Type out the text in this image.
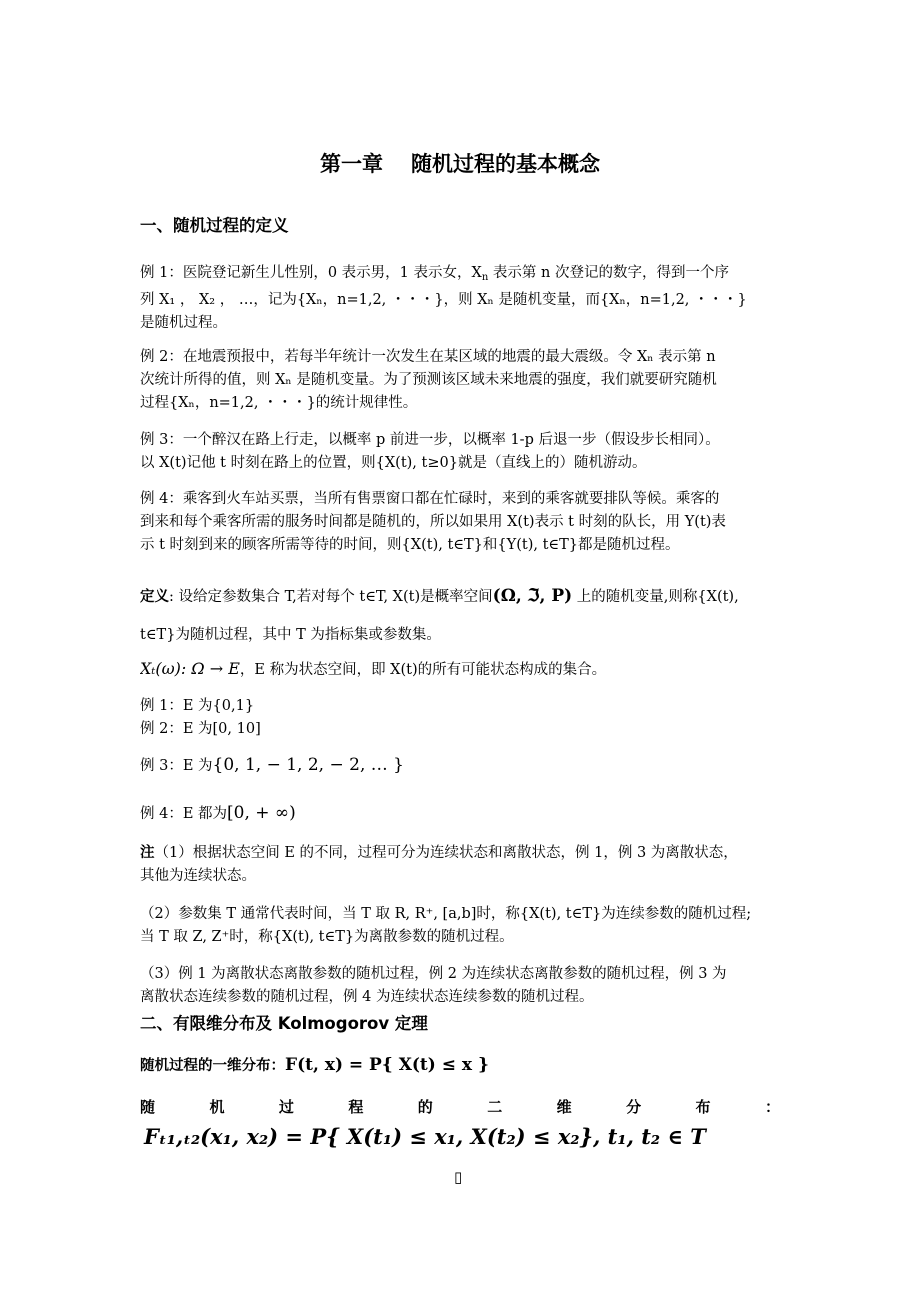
第一章 随机过程的基本概念
一、随机过程的定义
例 1：医院登记新生儿性别，0 表示男，1 表示女，$X_n$ 表示第 n 次登记的数字，得到一个序
列 X₁ ， X₂ ， …，记为{Xₙ，n=1,2, ・・・}，则 Xₙ 是随机变量，而{Xₙ，n=1,2, ・・・}
是随机过程。
例 2：在地震预报中，若每半年统计一次发生在某区域的地震的最大震级。令 Xₙ 表示第 n
次统计所得的值，则 Xₙ 是随机变量。为了预测该区域未来地震的强度，我们就要研究随机
过程{Xₙ，n=1,2, ・・・}的统计规律性。
例 3：一个醉汉在路上行走，以概率 p 前进一步，以概率 1-p 后退一步（假设步长相同）。
以 X(t)记他 t 时刻在路上的位置，则{X(t), t≥0}就是（直线上的）随机游动。
例 4：乘客到火车站买票，当所有售票窗口都在忙碌时，来到的乘客就要排队等候。乘客的
到来和每个乘客所需的服务时间都是随机的，所以如果用 X(t)表示 t 时刻的队长，用 Y(t)表
示 t 时刻到来的顾客所需等待的时间，则{X(t), t∈T}和{Y(t), t∈T}都是随机过程。
定义: 设给定参数集合 T,若对每个 t∈T, X(t)是概率空间(Ω, ℑ, P) 上的随机变量,则称{X(t),
t∈T}为随机过程，其中 T 为指标集或参数集。
Xₜ(ω): Ω → E，E 称为状态空间，即 X(t)的所有可能状态构成的集合。
例 1：E 为{0,1}
例 2：E 为[0, 10]
例 3：E 为{0, 1, − 1, 2, − 2, … }
例 4：E 都为[0, + ∞)
注（1）根据状态空间 E 的不同，过程可分为连续状态和离散状态，例 1，例 3 为离散状态，
其他为连续状态。
（2）参数集 T 通常代表时间，当 T 取 R, R⁺, [a,b]时，称{X(t), t∈T}为连续参数的随机过程;
当 T 取 Z, Z⁺时，称{X(t), t∈T}为离散参数的随机过程。
（3）例 1 为离散状态离散参数的随机过程，例 2 为连续状态离散参数的随机过程，例 3 为
离散状态连续参数的随机过程，例 4 为连续状态连续参数的随机过程。
二、有限维分布及 Kolmogorov 定理
随机过程的一维分布：F(t, x) = P{ X(t) ≤ x }
随	机	过	程	的	二	维	分	布	：
Fₜ₁,ₜ₂(x₁, x₂) = P{ X(t₁) ≤ x₁, X(t₂) ≤ x₂}, t₁, t₂ ∈ T
▯
